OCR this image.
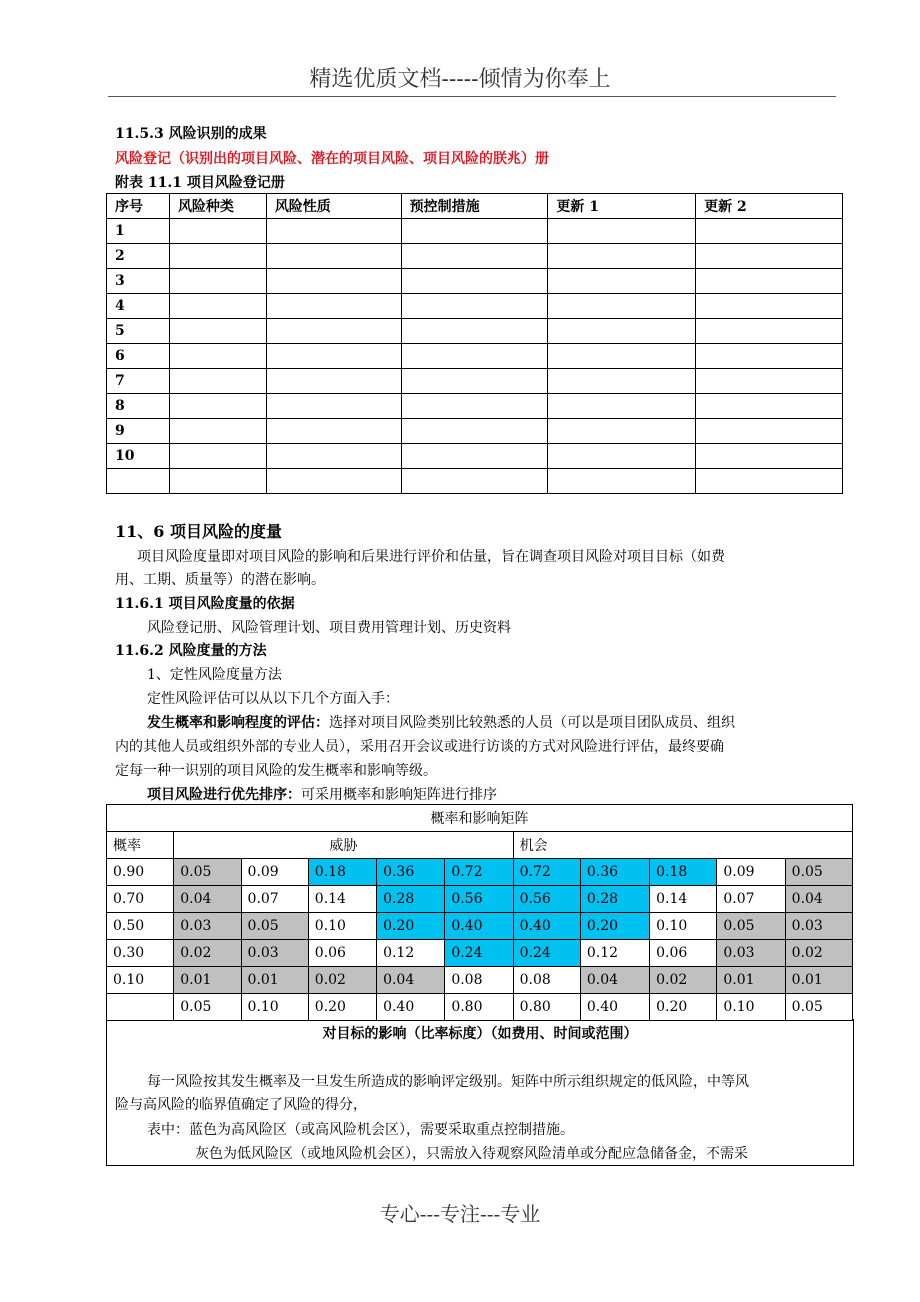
精选优质文档-----倾情为你奉上
11.5.3 风险识别的成果
风险登记（识别出的项目风险、潜在的项目风险、项目风险的朕兆）册
附表 11.1 项目风险登记册
序号	风险种类	风险性质	预控制措施	更新 1	更新 2
1					
2					
3					
4					
5					
6					
7					
8					
9					
10					

11、6 项目风险的度量
项目风险度量即对项目风险的影响和后果进行评价和估量，旨在调查项目风险对项目目标（如费
用、工期、质量等）的潜在影响。
11.6.1 项目风险度量的依据
风险登记册、风险管理计划、项目费用管理计划、历史资料
11.6.2 风险度量的方法
1、定性风险度量方法
定性风险评估可以从以下几个方面入手：
发生概率和影响程度的评估：选择对项目风险类别比较熟悉的人员（可以是项目团队成员、组织
内的其他人员或组织外部的专业人员），采用召开会议或进行访谈的方式对风险进行评估，最终要确
定每一种一识别的项目风险的发生概率和影响等级。
项目风险进行优先排序：可采用概率和影响矩阵进行排序
概率和影响矩阵										
概率	威胁					机会				
0.90	0.05	0.09	0.18	0.36	0.72	0.72	0.36	0.18	0.09	0.05
0.70	0.04	0.07	0.14	0.28	0.56	0.56	0.28	0.14	0.07	0.04
0.50	0.03	0.05	0.10	0.20	0.40	0.40	0.20	0.10	0.05	0.03
0.30	0.02	0.03	0.06	0.12	0.24	0.24	0.12	0.06	0.03	0.02
0.10	0.01	0.01	0.02	0.04	0.08	0.08	0.04	0.02	0.01	0.01
	0.05	0.10	0.20	0.40	0.80	0.80	0.40	0.20	0.10	0.05
对目标的影响（比率标度）（如费用、时间或范围）
每一风险按其发生概率及一旦发生所造成的影响评定级别。矩阵中所示组织规定的低风险，中等风
险与高风险的临界值确定了风险的得分，
表中：蓝色为高风险区（或高风险机会区），需要采取重点控制措施。
灰色为低风险区（或地风险机会区），只需放入待观察风险清单或分配应急储备金，不需采
专心---专注---专业
